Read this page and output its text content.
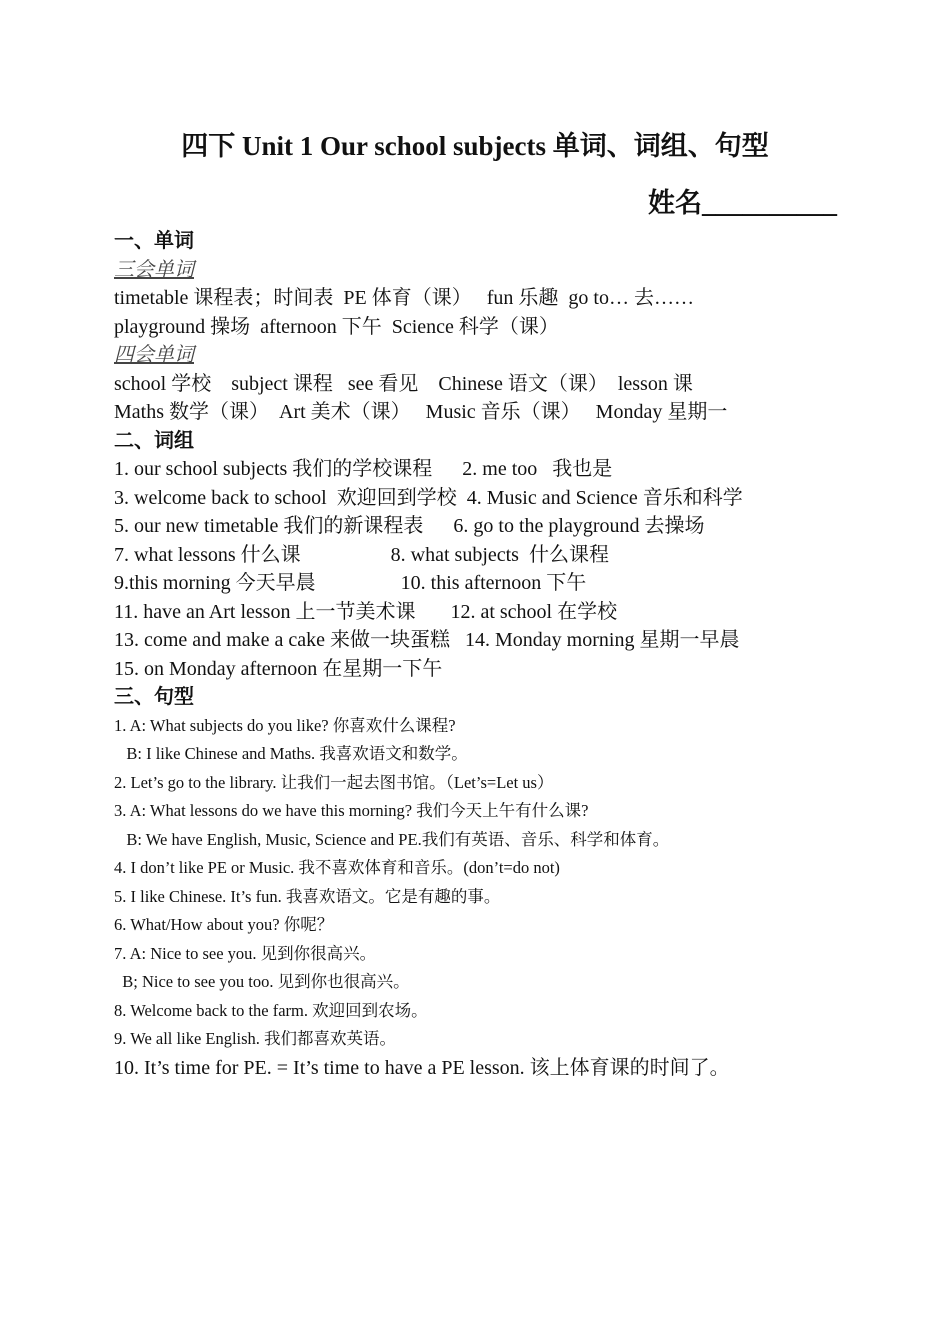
四下 Unit 1 Our school subjects 单词、词组、句型
姓名__________
一、单词
三会单词
timetable 课程表；时间表  PE 体育（课）   fun 乐趣  go to… 去……
playground 操场  afternoon 下午  Science 科学（课）
四会单词
school 学校    subject 课程   see 看见    Chinese 语文（课）  lesson 课
Maths 数学（课）  Art 美术（课）   Music 音乐（课）   Monday 星期一
二、词组
1. our school subjects 我们的学校课程      2. me too   我也是
3. welcome back to school  欢迎回到学校  4. Music and Science 音乐和科学
5. our new timetable 我们的新课程表      6. go to the playground 去操场
7. what lessons 什么课                  8. what subjects  什么课程
9.this morning 今天早晨                 10. this afternoon 下午
11. have an Art lesson 上一节美术课       12. at school 在学校
13. come and make a cake 来做一块蛋糕   14. Monday morning 星期一早晨
15. on Monday afternoon 在星期一下午
三、句型
1. A: What subjects do you like? 你喜欢什么课程?
B: I like Chinese and Maths. 我喜欢语文和数学。
2. Let’s go to the library. 让我们一起去图书馆。（Let’s=Let us）
3. A: What lessons do we have this morning? 我们今天上午有什么课?
B: We have English, Music, Science and PE.我们有英语、音乐、科学和体育。
4. I don’t like PE or Music. 我不喜欢体育和音乐。(don’t=do not)
5. I like Chinese. It’s fun. 我喜欢语文。它是有趣的事。
6. What/How about you? 你呢？
7. A: Nice to see you. 见到你很高兴。
B; Nice to see you too. 见到你也很高兴。
8. Welcome back to the farm. 欢迎回到农场。
9. We all like English. 我们都喜欢英语。
10. It’s time for PE. = It’s time to have a PE lesson. 该上体育课的时间了。
